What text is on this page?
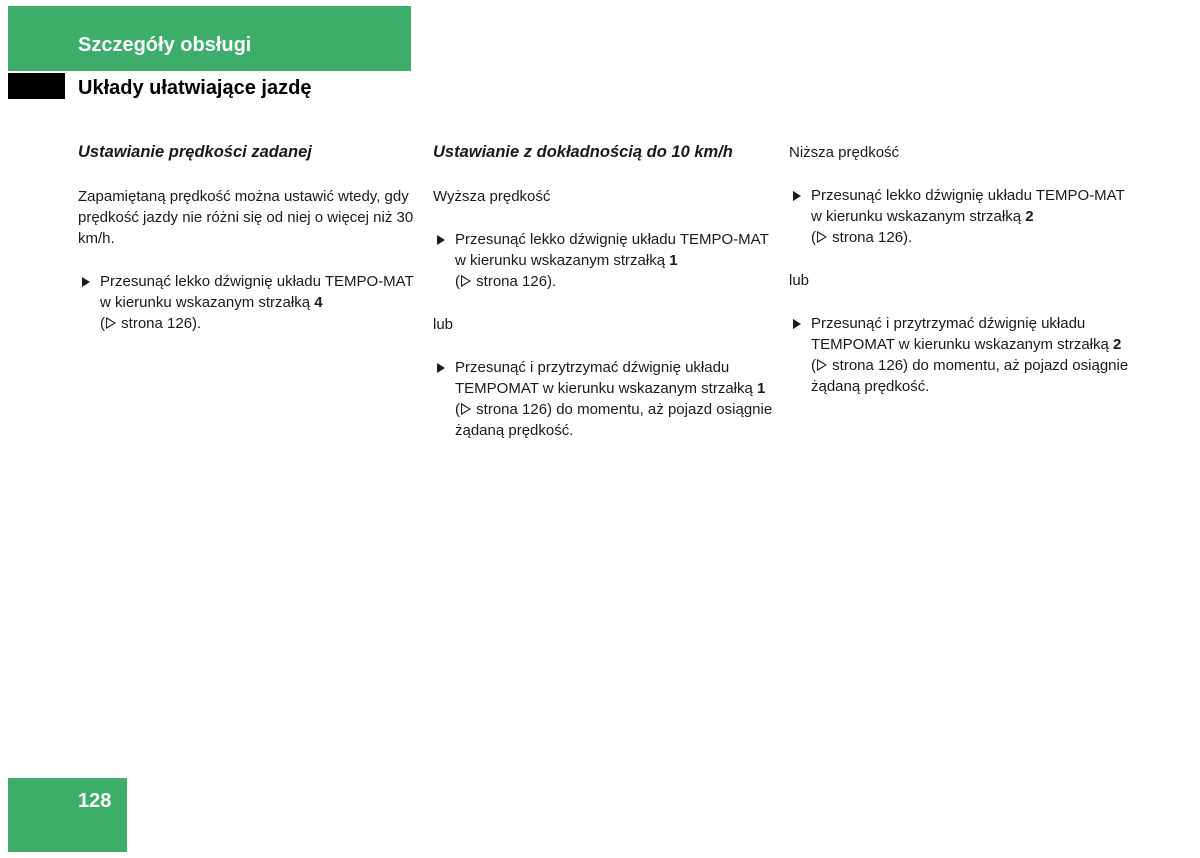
Szczegóły obsługi
Układy ułatwiające jazdę
Ustawianie prędkości zadanej
Zapamiętaną prędkość można ustawić wtedy, gdy prędkość jazdy nie różni się od niej o więcej niż 30 km/h.
Przesunąć lekko dźwignię układu TEMPO-MAT w kierunku wskazanym strzałką 4
( strona 126).
Ustawianie z dokładnością do 10 km/h
Wyższa prędkość
Przesunąć lekko dźwignię układu TEMPO-MAT w kierunku wskazanym strzałką 1
( strona 126).
lub
Przesunąć i przytrzymać dźwignię układu TEMPOMAT w kierunku wskazanym strzałką 1 ( strona 126) do momentu, aż pojazd osiągnie żądaną prędkość.
Niższa prędkość
Przesunąć lekko dźwignię układu TEMPO-MAT w kierunku wskazanym strzałką 2
( strona 126).
lub
Przesunąć i przytrzymać dźwignię układu TEMPOMAT w kierunku wskazanym strzałką 2 ( strona 126) do momentu, aż pojazd osiągnie żądaną prędkość.
128
